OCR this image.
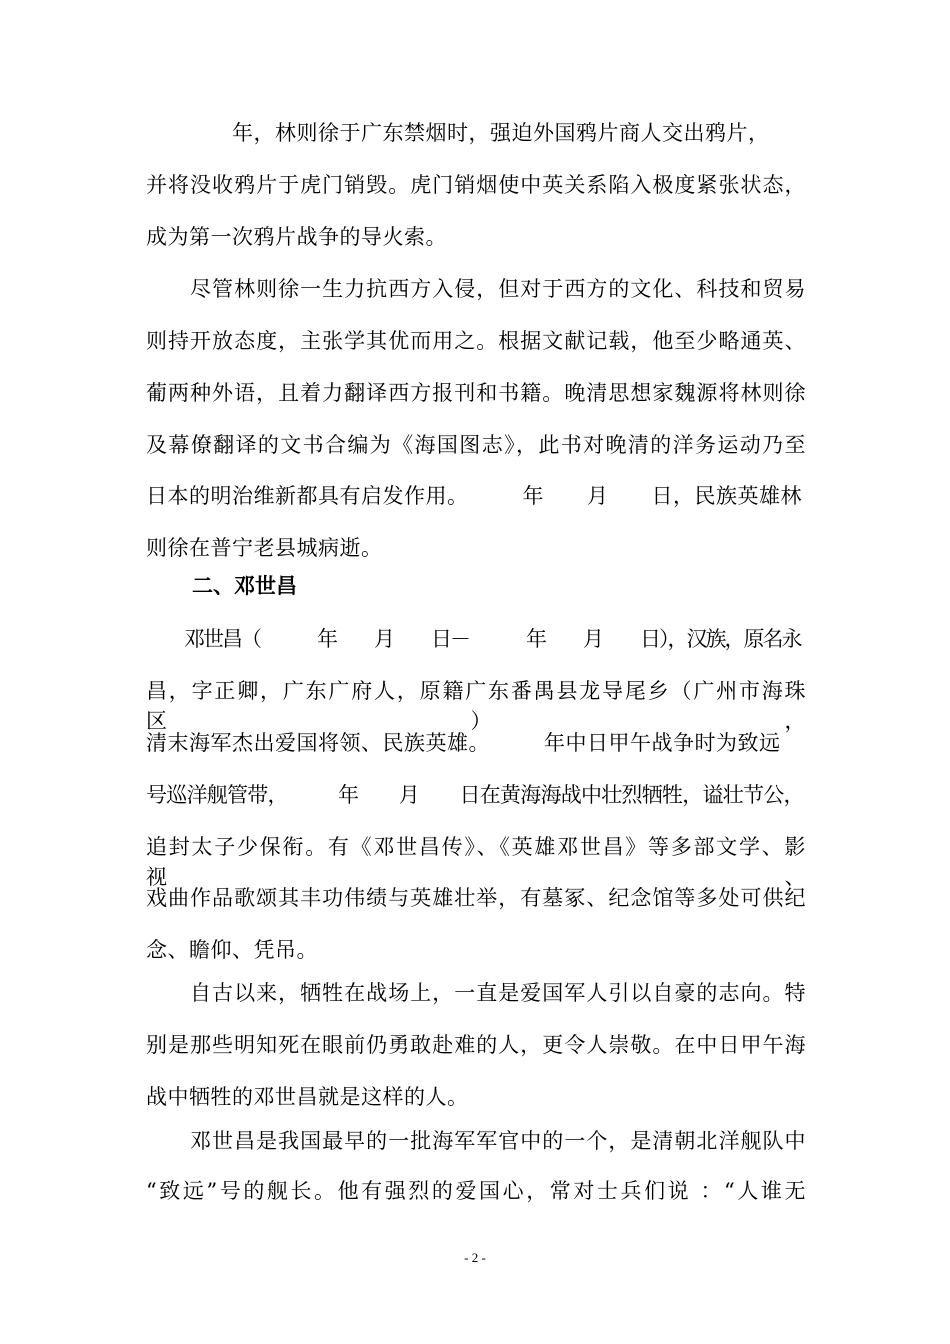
　　　　年，林则徐于广东禁烟时，强迫外国鸦片商人交出鸦片，
并将没收鸦片于虎门销毁。虎门销烟使中英关系陷入极度紧张状态，
成为第一次鸦片战争的导火索。
　　尽管林则徐一生力抗西方入侵，但对于西方的文化、科技和贸易
则持开放态度，主张学其优而用之。根据文献记载，他至少略通英、
葡两种外语，且着力翻译西方报刊和书籍。晚清思想家魏源将林则徐
及幕僚翻译的文书合编为《海国图志》，此书对晚清的洋务运动乃至
日本的明治维新都具有启发作用。　　　年　　月　　日，民族英雄林
则徐在普宁老县城病逝。
二、邓世昌
　　邓世昌（　　　年　　月　　日－　　　年　　月　　日），汉族，原名永
昌，字正卿，广东广府人，原籍广东番禺县龙导尾乡（广州市海珠区），
清末海军杰出爱国将领、民族英雄。　　　年中日甲午战争时为致远
号巡洋舰管带，　　　年　　月　　日在黄海海战中壮烈牺牲，谥壮节公，
追封太子少保衔。有《邓世昌传》、《英雄邓世昌》等多部文学、影视、
戏曲作品歌颂其丰功伟绩与英雄壮举，有墓冢、纪念馆等多处可供纪
念、瞻仰、凭吊。
　　自古以来，牺牲在战场上，一直是爱国军人引以自豪的志向。特
别是那些明知死在眼前仍勇敢赴难的人，更令人崇敬。在中日甲午海
战中牺牲的邓世昌就是这样的人。
　　邓世昌是我国最早的一批海军军官中的一个，是清朝北洋舰队中
“致远”号的舰长。他有强烈的爱国心，常对士兵们说 ：“人谁无
- 2 -
